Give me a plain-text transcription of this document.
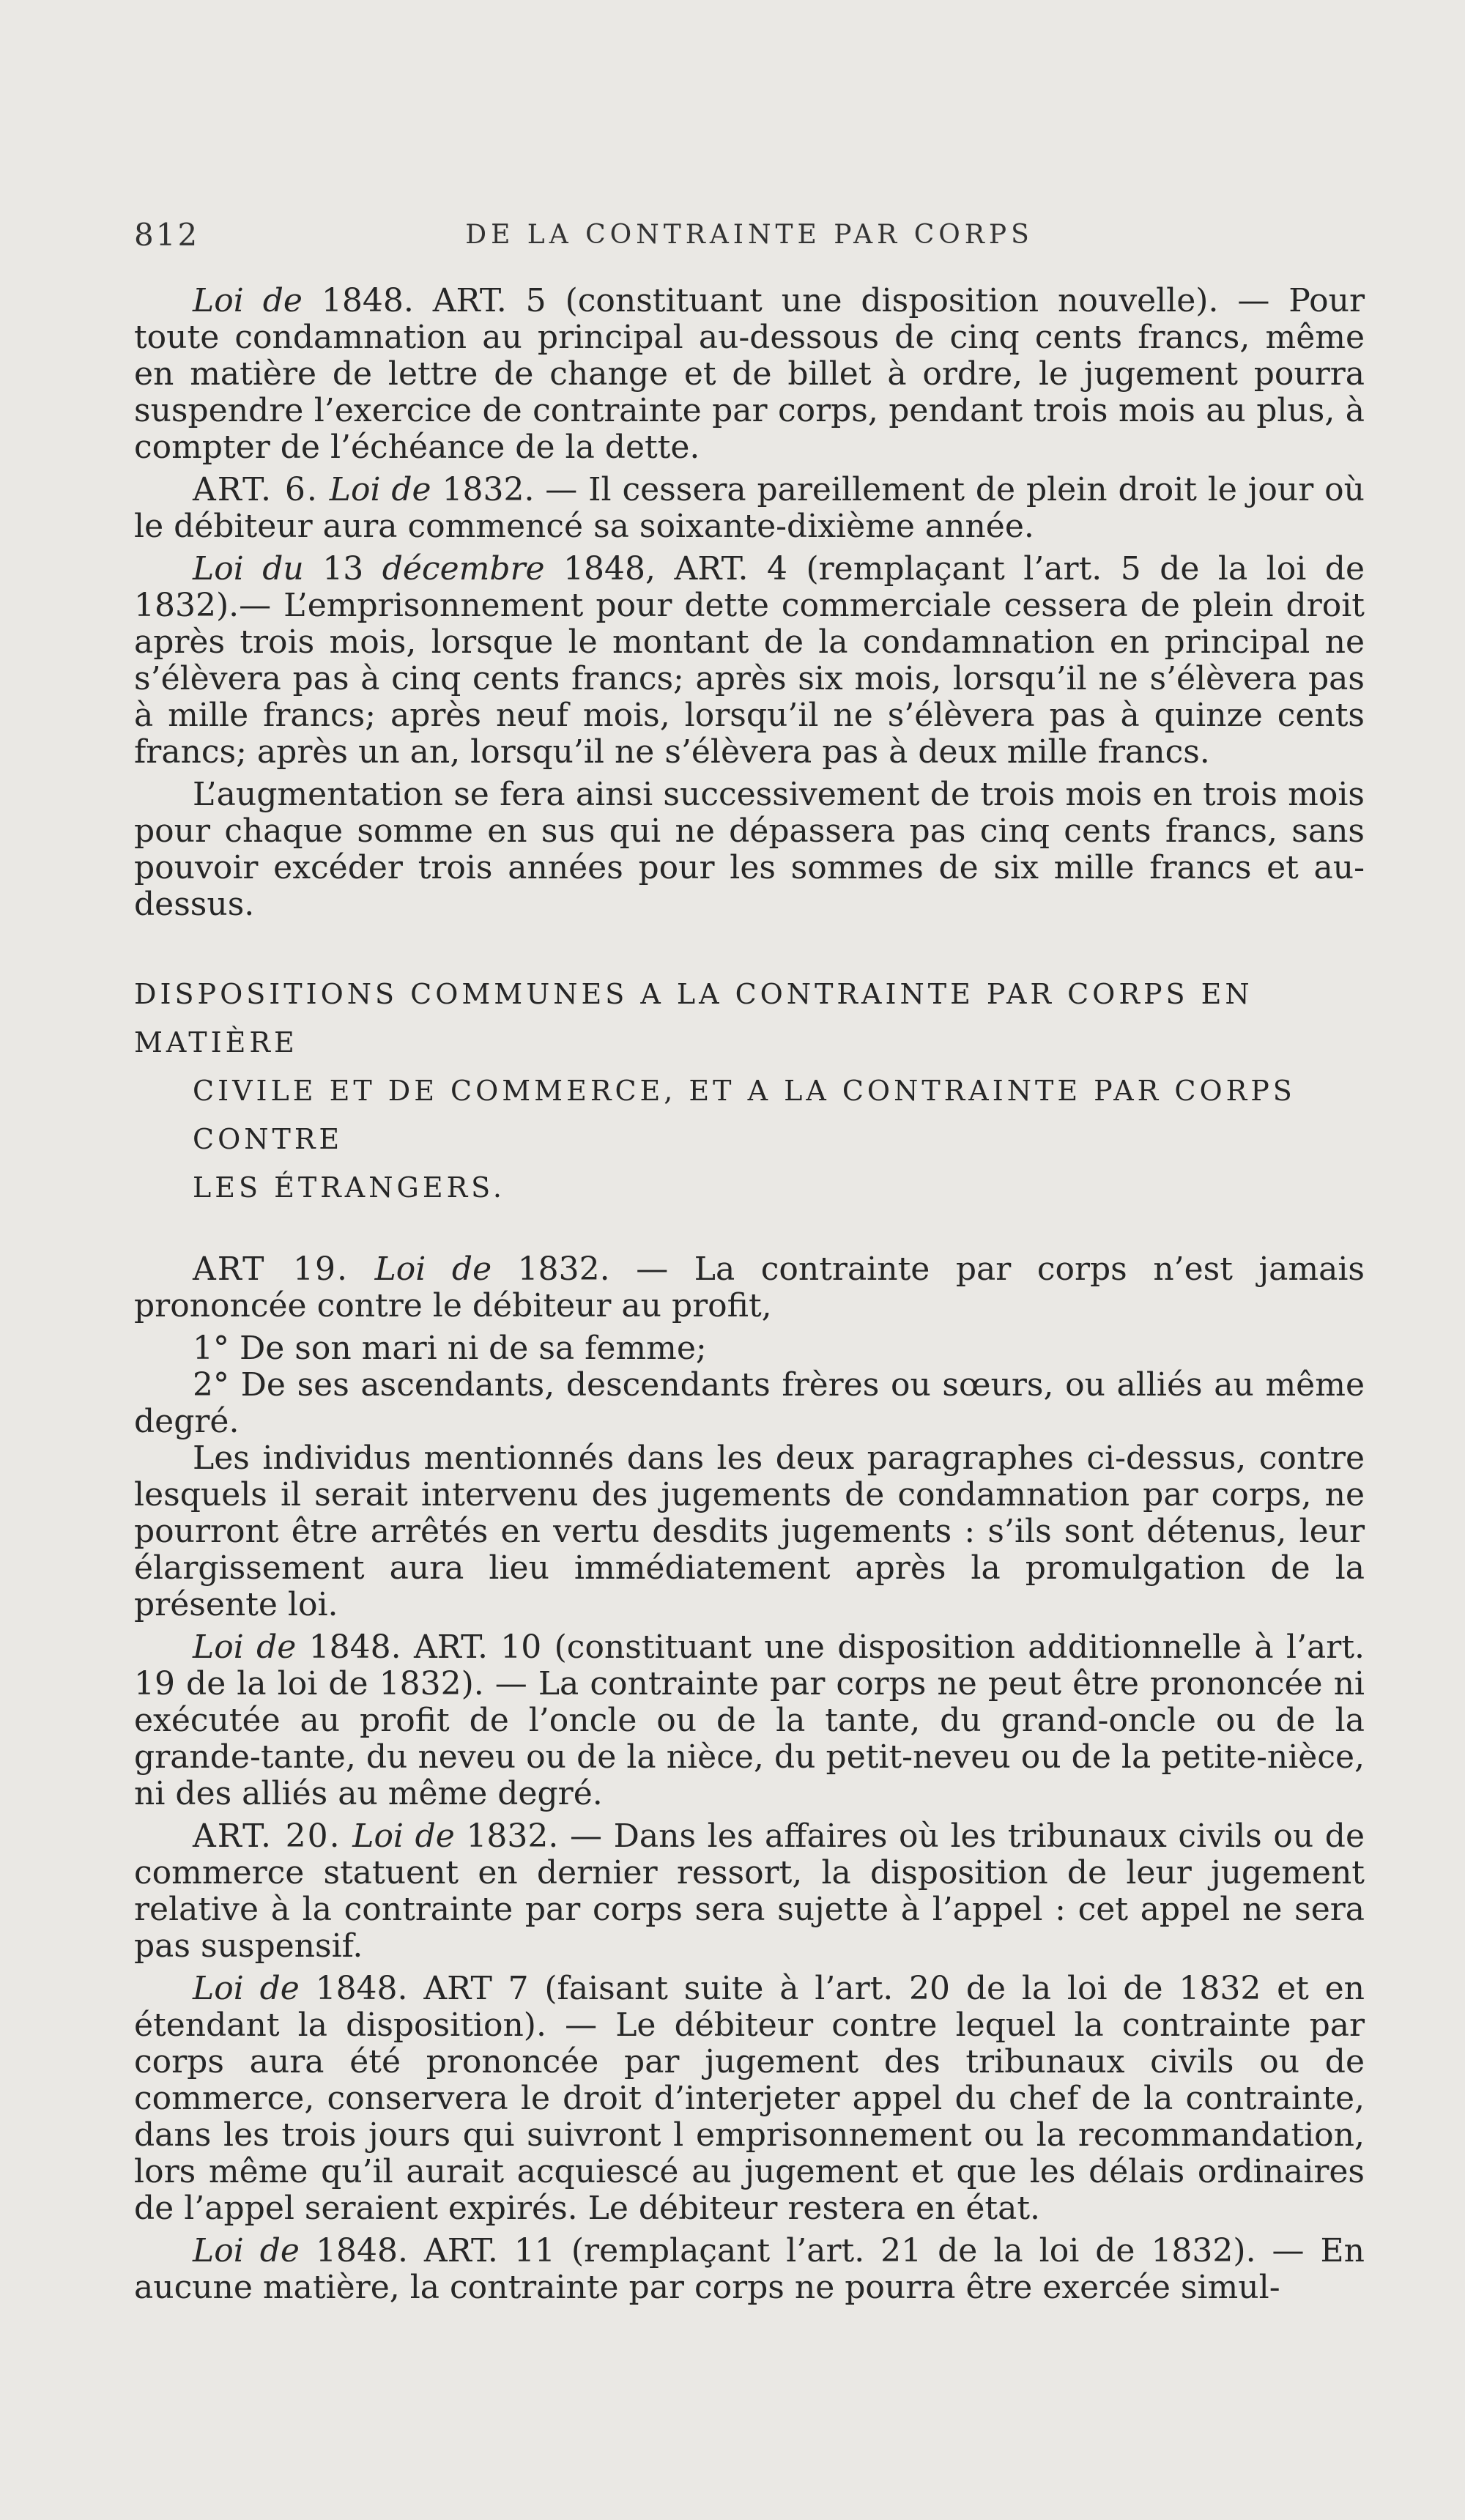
812	DE LA CONTRAINTE PAR CORPS

Loi de 1848. ART. 5 (constituant une disposition nouvelle). — Pour toute condamnation au principal au-dessous de cinq cents francs, même en matière de lettre de change et de billet à ordre, le jugement pourra suspendre l’exercice de contrainte par corps, pendant trois mois au plus, à compter de l’échéance de la dette.

ART. 6. Loi de 1832. — Il cessera pareillement de plein droit le jour où le débiteur aura commencé sa soixante-dixième année.

Loi du 13 décembre 1848, ART. 4 (remplaçant l’art. 5 de la loi de 1832).— L’emprisonnement pour dette commerciale cessera de plein droit après trois mois, lorsque le montant de la condamnation en principal ne s’élèvera pas à cinq cents francs; après six mois, lorsqu’il ne s’élèvera pas à mille francs; après neuf mois, lorsqu’il ne s’élèvera pas à quinze cents francs; après un an, lorsqu’il ne s’élèvera pas à deux mille francs.

L’augmentation se fera ainsi successivement de trois mois en trois mois pour chaque somme en sus qui ne dépassera pas cinq cents francs, sans pouvoir excéder trois années pour les sommes de six mille francs et au-dessus.

DISPOSITIONS COMMUNES A LA CONTRAINTE PAR CORPS EN MATIÈRE
CIVILE ET DE COMMERCE, ET A LA CONTRAINTE PAR CORPS CONTRE
LES ÉTRANGERS.

ART 19. Loi de 1832. — La contrainte par corps n’est jamais prononcée contre le débiteur au profit,

1° De son mari ni de sa femme;

2° De ses ascendants, descendants frères ou sœurs, ou alliés au même degré.

Les individus mentionnés dans les deux paragraphes ci-dessus, contre lesquels il serait intervenu des jugements de condamnation par corps, ne pourront être arrêtés en vertu desdits jugements : s’ils sont détenus, leur élargissement aura lieu immédiatement après la promulgation de la présente loi.

Loi de 1848. ART. 10 (constituant une disposition additionnelle à l’art. 19 de la loi de 1832). — La contrainte par corps ne peut être prononcée ni exécutée au profit de l’oncle ou de la tante, du grand-oncle ou de la grande-tante, du neveu ou de la nièce, du petit-neveu ou de la petite-nièce, ni des alliés au même degré.

ART. 20. Loi de 1832. — Dans les affaires où les tribunaux civils ou de commerce statuent en dernier ressort, la disposition de leur jugement relative à la contrainte par corps sera sujette à l’appel : cet appel ne sera pas suspensif.

Loi de 1848. ART 7 (faisant suite à l’art. 20 de la loi de 1832 et en étendant la disposition). — Le débiteur contre lequel la contrainte par corps aura été prononcée par jugement des tribunaux civils ou de commerce, conservera le droit d’interjeter appel du chef de la contrainte, dans les trois jours qui suivront l emprisonnement ou la recommandation, lors même qu’il aurait acquiescé au jugement et que les délais ordinaires de l’appel seraient expirés. Le débiteur restera en état.

Loi de 1848. ART. 11 (remplaçant l’art. 21 de la loi de 1832). — En aucune matière, la contrainte par corps ne pourra être exercée simul-
